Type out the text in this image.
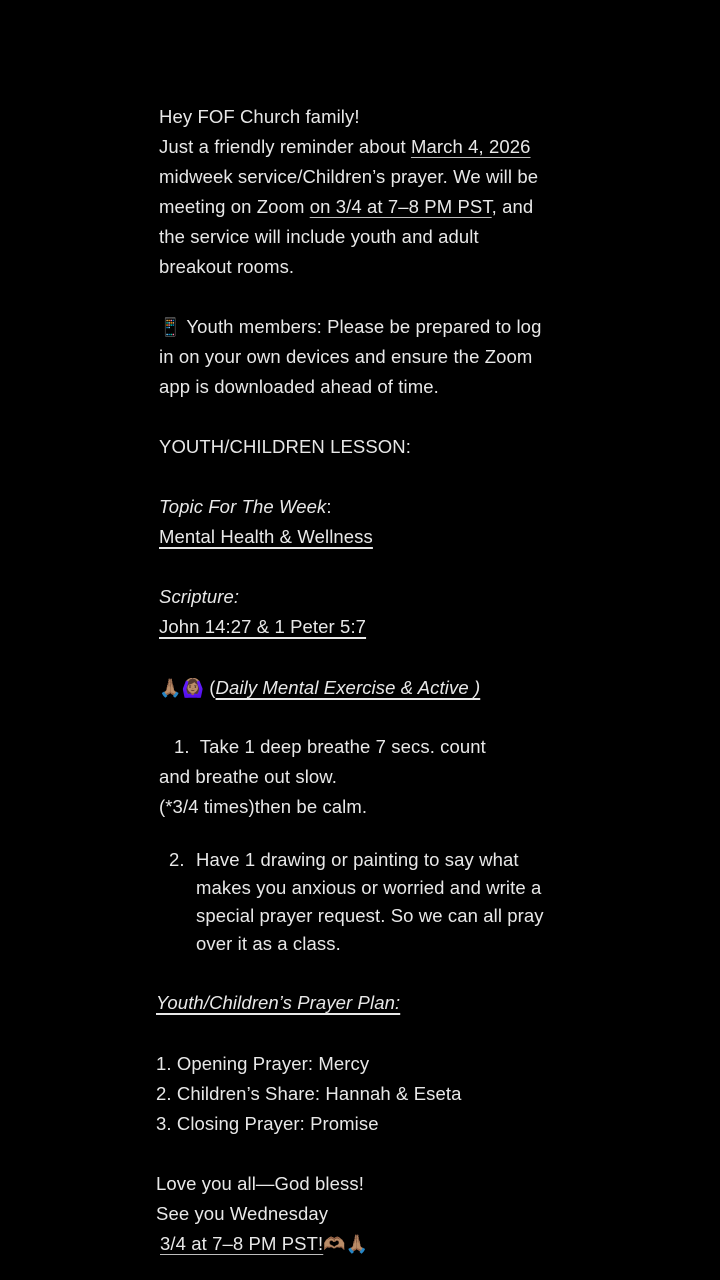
Hey FOF Church family!
Just a friendly reminder about March 4, 2026
midweek service/Children’s prayer. We will be
meeting on Zoom on 3/4 at 7–8 PM PST, and
the service will include youth and adult
breakout rooms.
📱 Youth members: Please be prepared to log
in on your own devices and ensure the Zoom
app is downloaded ahead of time.
YOUTH/CHILDREN LESSON:
Topic For The Week:
Mental Health & Wellness
Scripture:
John 14:27 & 1 Peter 5:7
🙏🏽🙆🏽‍♀️ (Daily Mental Exercise & Active )
1. Take 1 deep breathe 7 secs. count
and breathe out slow.
(*3/4 times)then be calm.
2. Have 1 drawing or painting to say what
makes you anxious or worried and write a
special prayer request. So we can all pray
over it as a class.
Youth/Children’s Prayer Plan:
1. Opening Prayer: Mercy
2. Children’s Share: Hannah & Eseta
3. Closing Prayer: Promise
Love you all—God bless!
See you Wednesday
3/4 at 7–8 PM PST!🫶🏽🙏🏽
